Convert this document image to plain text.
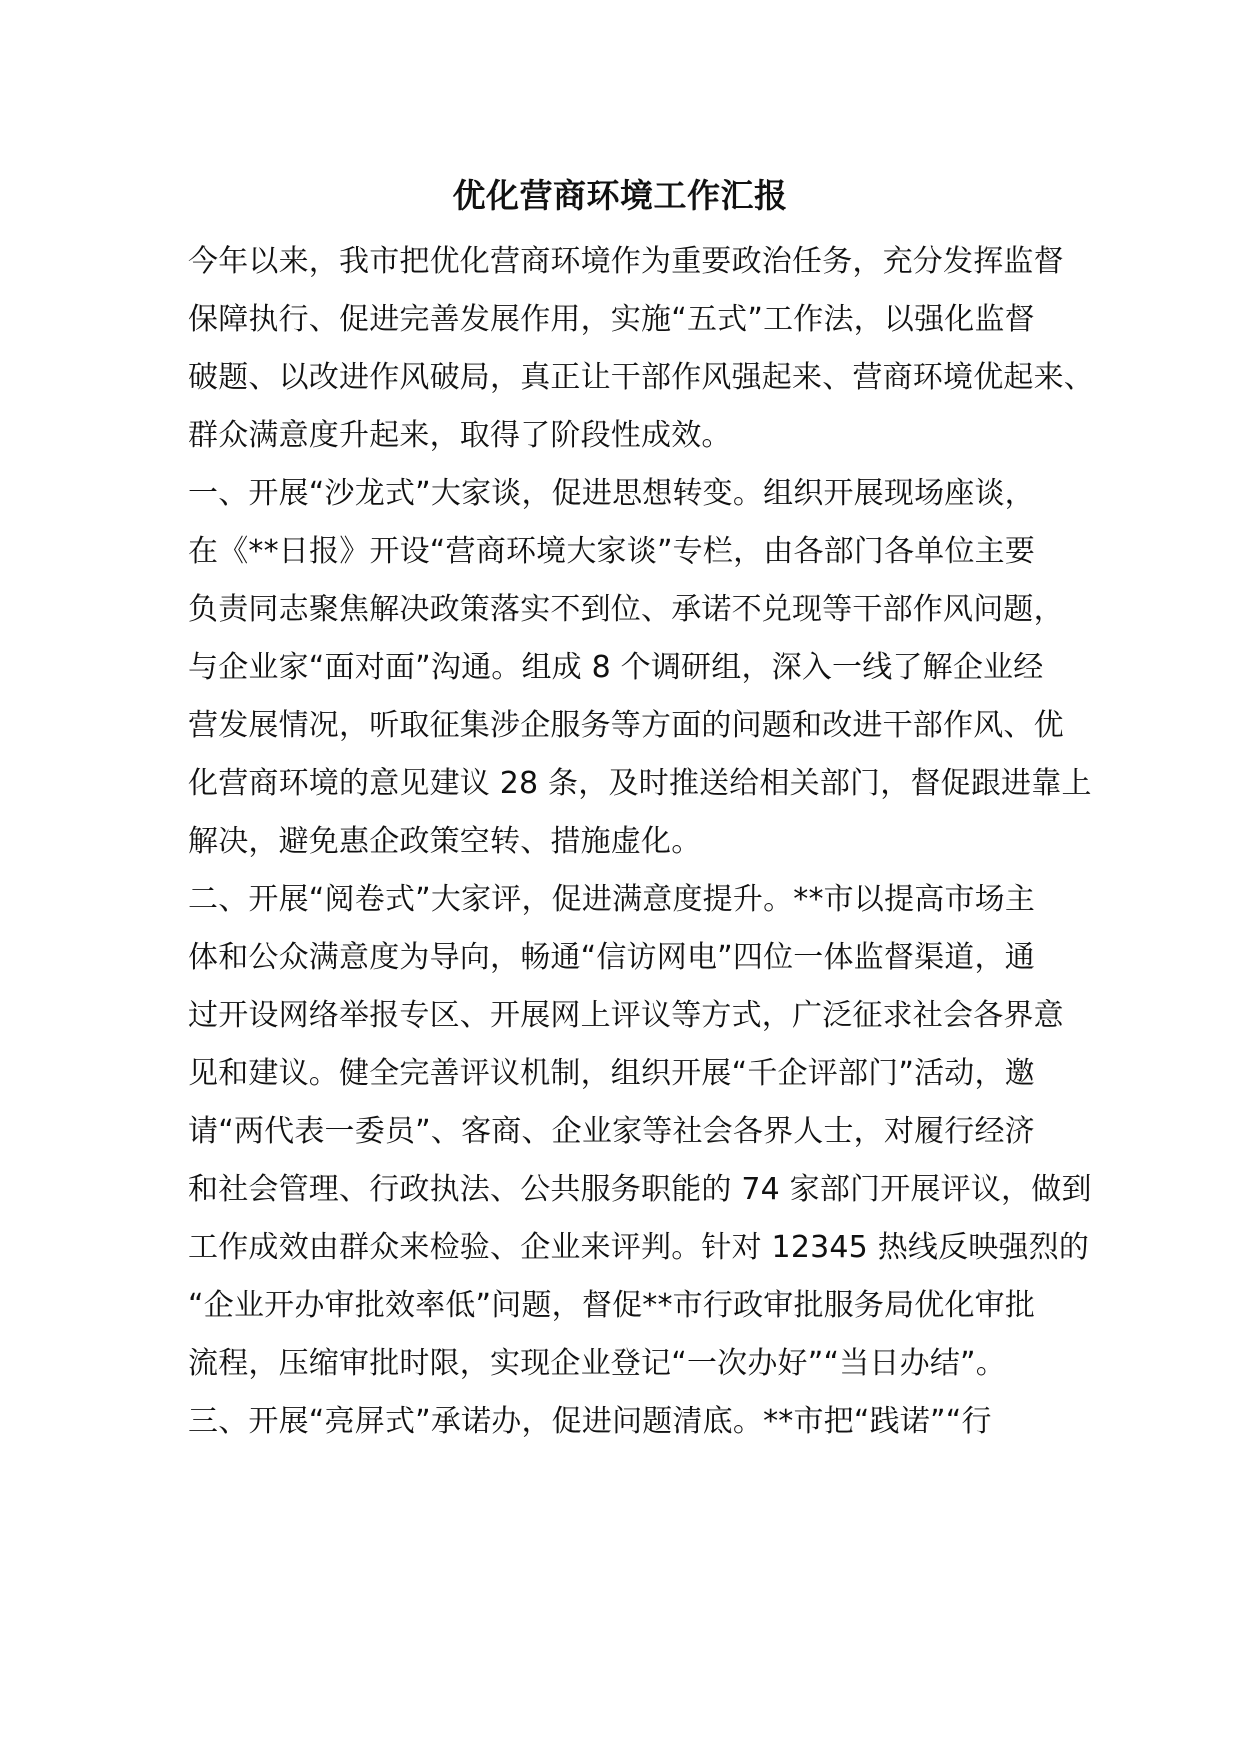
优化营商环境工作汇报
今年以来，我市把优化营商环境作为重要政治任务，充分发挥监督
保障执行、促进完善发展作用，实施“五式”工作法，以强化监督
破题、以改进作风破局，真正让干部作风强起来、营商环境优起来、
群众满意度升起来，取得了阶段性成效。
一、开展“沙龙式”大家谈，促进思想转变。组织开展现场座谈，
在《**日报》开设“营商环境大家谈”专栏，由各部门各单位主要
负责同志聚焦解决政策落实不到位、承诺不兑现等干部作风问题，
与企业家“面对面”沟通。组成 8 个调研组，深入一线了解企业经
营发展情况，听取征集涉企服务等方面的问题和改进干部作风、优
化营商环境的意见建议 28 条，及时推送给相关部门，督促跟进靠上
解决，避免惠企政策空转、措施虚化。
二、开展“阅卷式”大家评，促进满意度提升。**市以提高市场主
体和公众满意度为导向，畅通“信访网电”四位一体监督渠道，通
过开设网络举报专区、开展网上评议等方式，广泛征求社会各界意
见和建议。健全完善评议机制，组织开展“千企评部门”活动，邀
请“两代表一委员”、客商、企业家等社会各界人士，对履行经济
和社会管理、行政执法、公共服务职能的 74 家部门开展评议，做到
工作成效由群众来检验、企业来评判。针对 12345 热线反映强烈的
“企业开办审批效率低”问题，督促**市行政审批服务局优化审批
流程，压缩审批时限，实现企业登记“一次办好”“当日办结”。
三、开展“亮屏式”承诺办，促进问题清底。**市把“践诺”“行
